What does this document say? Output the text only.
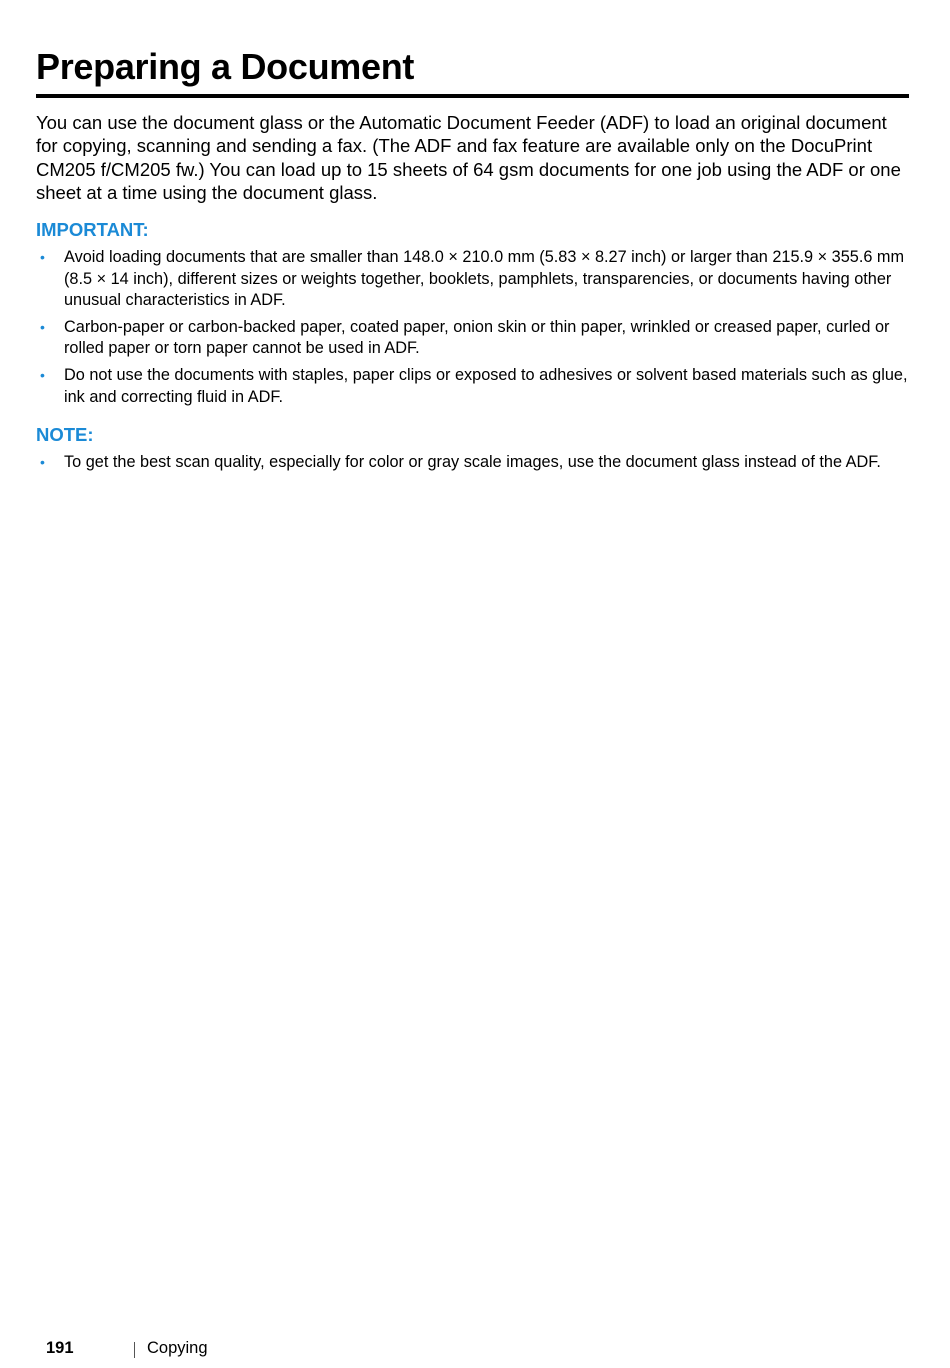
Preparing a Document

You can use the document glass or the Automatic Document Feeder (ADF) to load an original document for copying, scanning and sending a fax. (The ADF and fax feature are available only on the DocuPrint CM205 f/CM205 fw.) You can load up to 15 sheets of 64 gsm documents for one job using the ADF or one sheet at a time using the document glass.

IMPORTANT:
• Avoid loading documents that are smaller than 148.0 × 210.0 mm (5.83 × 8.27 inch) or larger than 215.9 × 355.6 mm (8.5 × 14 inch), different sizes or weights together, booklets, pamphlets, transparencies, or documents having other unusual characteristics in ADF.
• Carbon-paper or carbon-backed paper, coated paper, onion skin or thin paper, wrinkled or creased paper, curled or rolled paper or torn paper cannot be used in ADF.
• Do not use the documents with staples, paper clips or exposed to adhesives or solvent based materials such as glue, ink and correcting fluid in ADF.
NOTE:
• To get the best scan quality, especially for color or gray scale images, use the document glass instead of the ADF.
191	Copying
